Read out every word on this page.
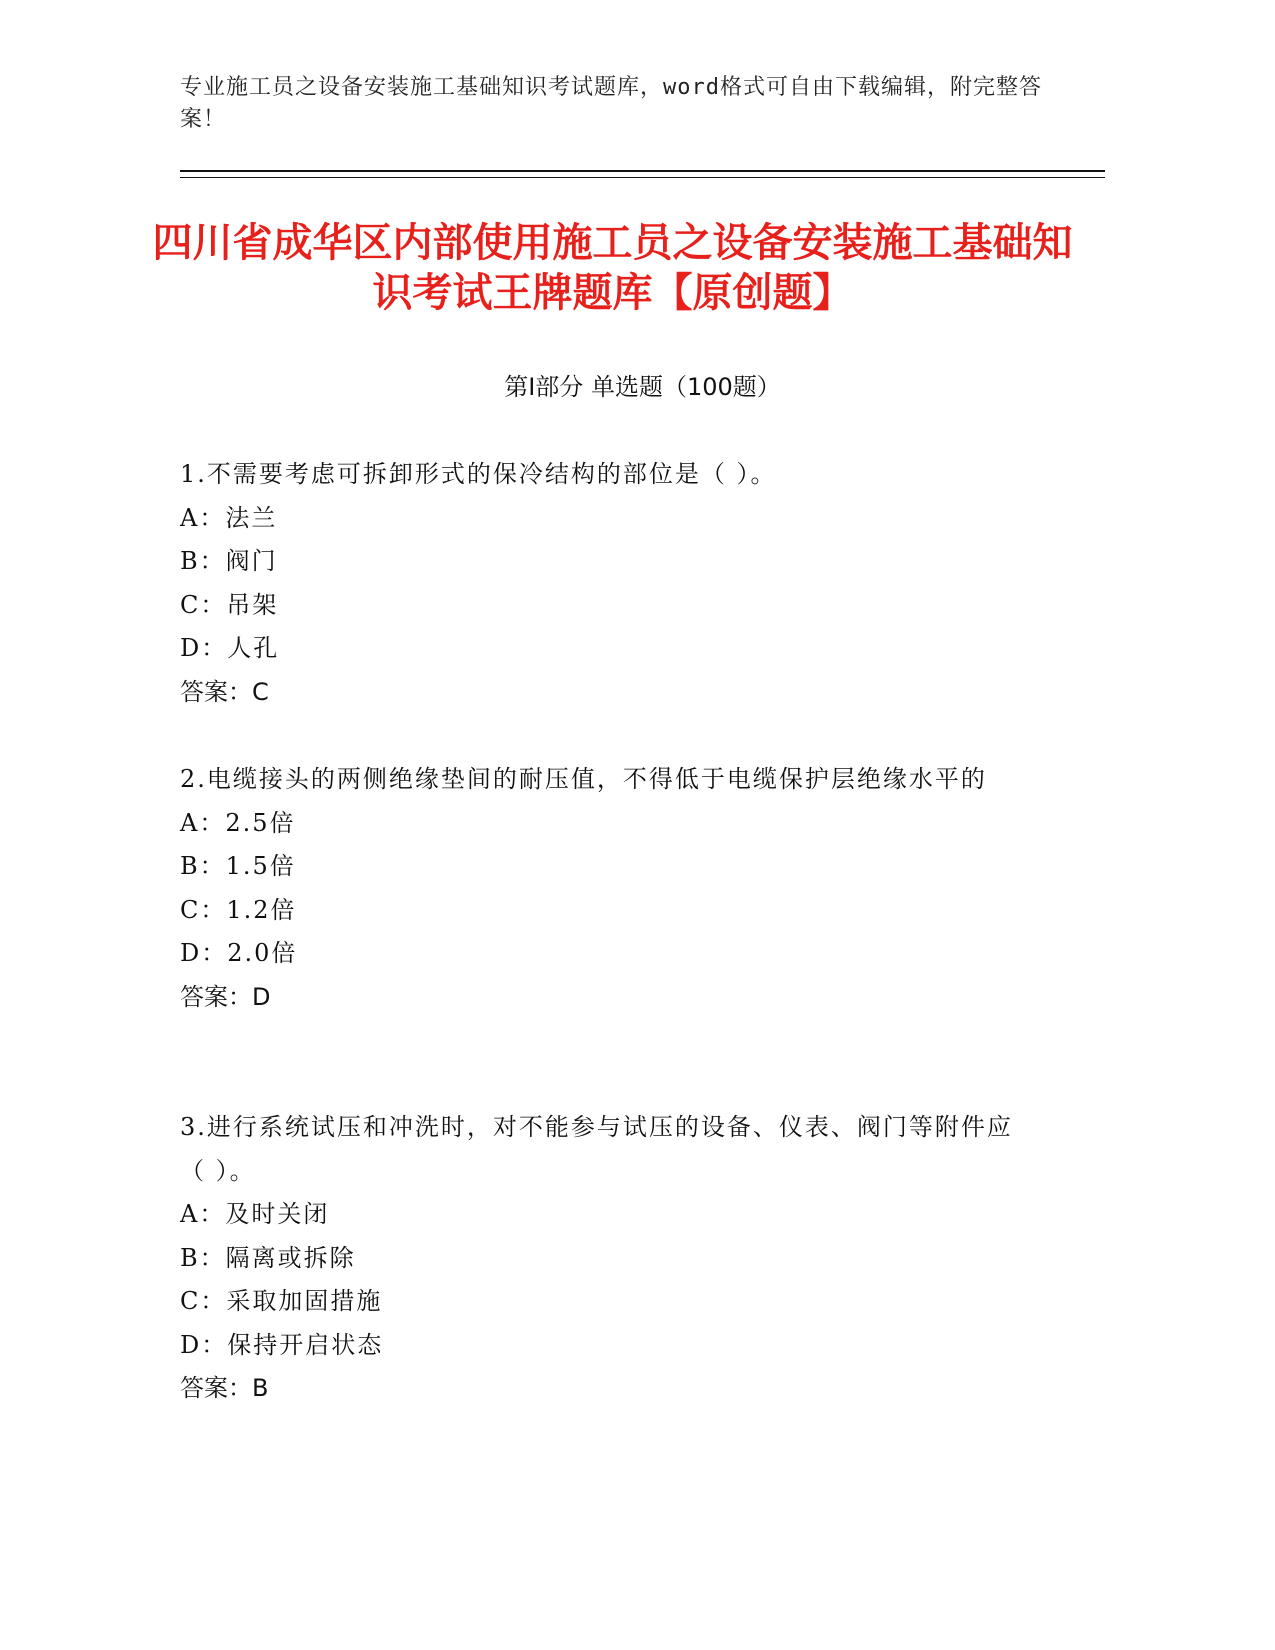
专业施工员之设备安装施工基础知识考试题库，word格式可自由下载编辑，附完整答案！
四川省成华区内部使用施工员之设备安装施工基础知识考试王牌题库【原创题】
第Ⅰ部分 单选题（100题）
1.不需要考虑可拆卸形式的保冷结构的部位是（ ）。
A：法兰
B：阀门
C：吊架
D：人孔
答案：C
2.电缆接头的两侧绝缘垫间的耐压值，不得低于电缆保护层绝缘水平的
A：2.5倍
B：1.5倍
C：1.2倍
D：2.0倍
答案：D
3.进行系统试压和冲洗时，对不能参与试压的设备、仪表、阀门等附件应（ ）。
A：及时关闭
B：隔离或拆除
C：采取加固措施
D：保持开启状态
答案：B
